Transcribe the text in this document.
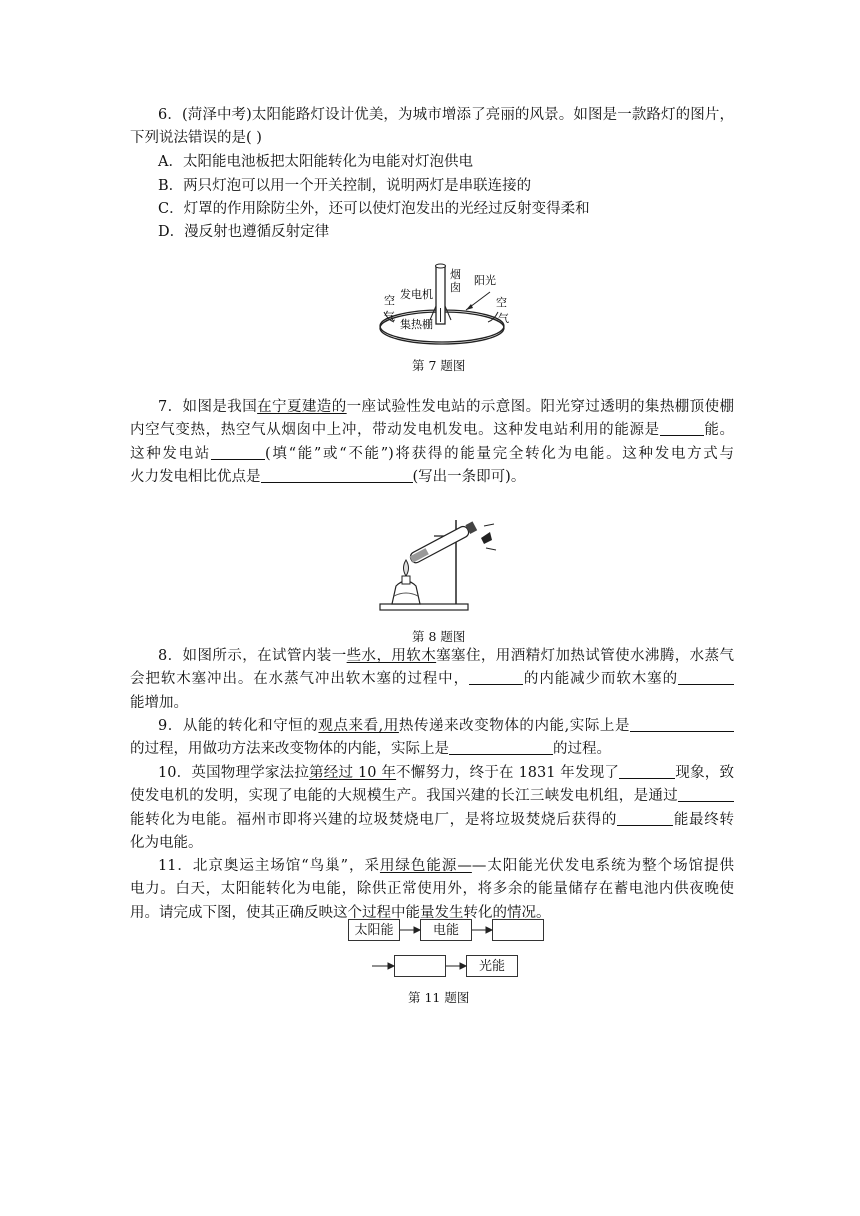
6．(菏泽中考)太阳能路灯设计优美，为城市增添了亮丽的风景。如图是一款路灯的图片，
下列说法错误的是( )
A．太阳能电池板把太阳能转化为电能对灯泡供电
B．两只灯泡可以用一个开关控制，说明两灯是串联连接的
C．灯罩的作用除防尘外，还可以使灯泡发出的光经过反射变得柔和
D．漫反射也遵循反射定律
烟
囱
阳光
发电机
集热棚
空
气
空
气
第 7 题图
7．如图是我国在宁夏建造的一座试验性发电站的示意图。阳光穿过透明的集热棚顶使棚
内空气变热，热空气从烟囱中上冲，带动发电机发电。这种发电站利用的能源是	能。
这种发电站	(填“能”或“不能”)将获得的能量完全转化为电能。这种发电方式与
火力发电相比优点是	(写出一条即可)。
第 8 题图
8．如图所示，在试管内装一些水，用软木塞塞住，用酒精灯加热试管使水沸腾，水蒸气
会把软木塞冲出。在水蒸气冲出软木塞的过程中，	的内能减少而软木塞的
能增加。
9．从能的转化和守恒的观点来看,用热传递来改变物体的内能,实际上是
的过程，用做功方法来改变物体的内能，实际上是	的过程。
10．英国物理学家法拉第经过 10 年不懈努力，终于在 1831 年发现了	现象，致
使发电机的发明，实现了电能的大规模生产。我国兴建的长江三峡发电机组，是通过
能转化为电能。福州市即将兴建的垃圾焚烧电厂，是将垃圾焚烧后获得的	能最终转
化为电能。
11．北京奥运主场馆“鸟巢”，采用绿色能源——太阳能光伏发电系统为整个场馆提供
电力。白天，太阳能转化为电能，除供正常使用外，将多余的能量储存在蓄电池内供夜晚使
用。请完成下图，使其正确反映这个过程中能量发生转化的情况。
太阳能	电能
光能
第 11 题图
